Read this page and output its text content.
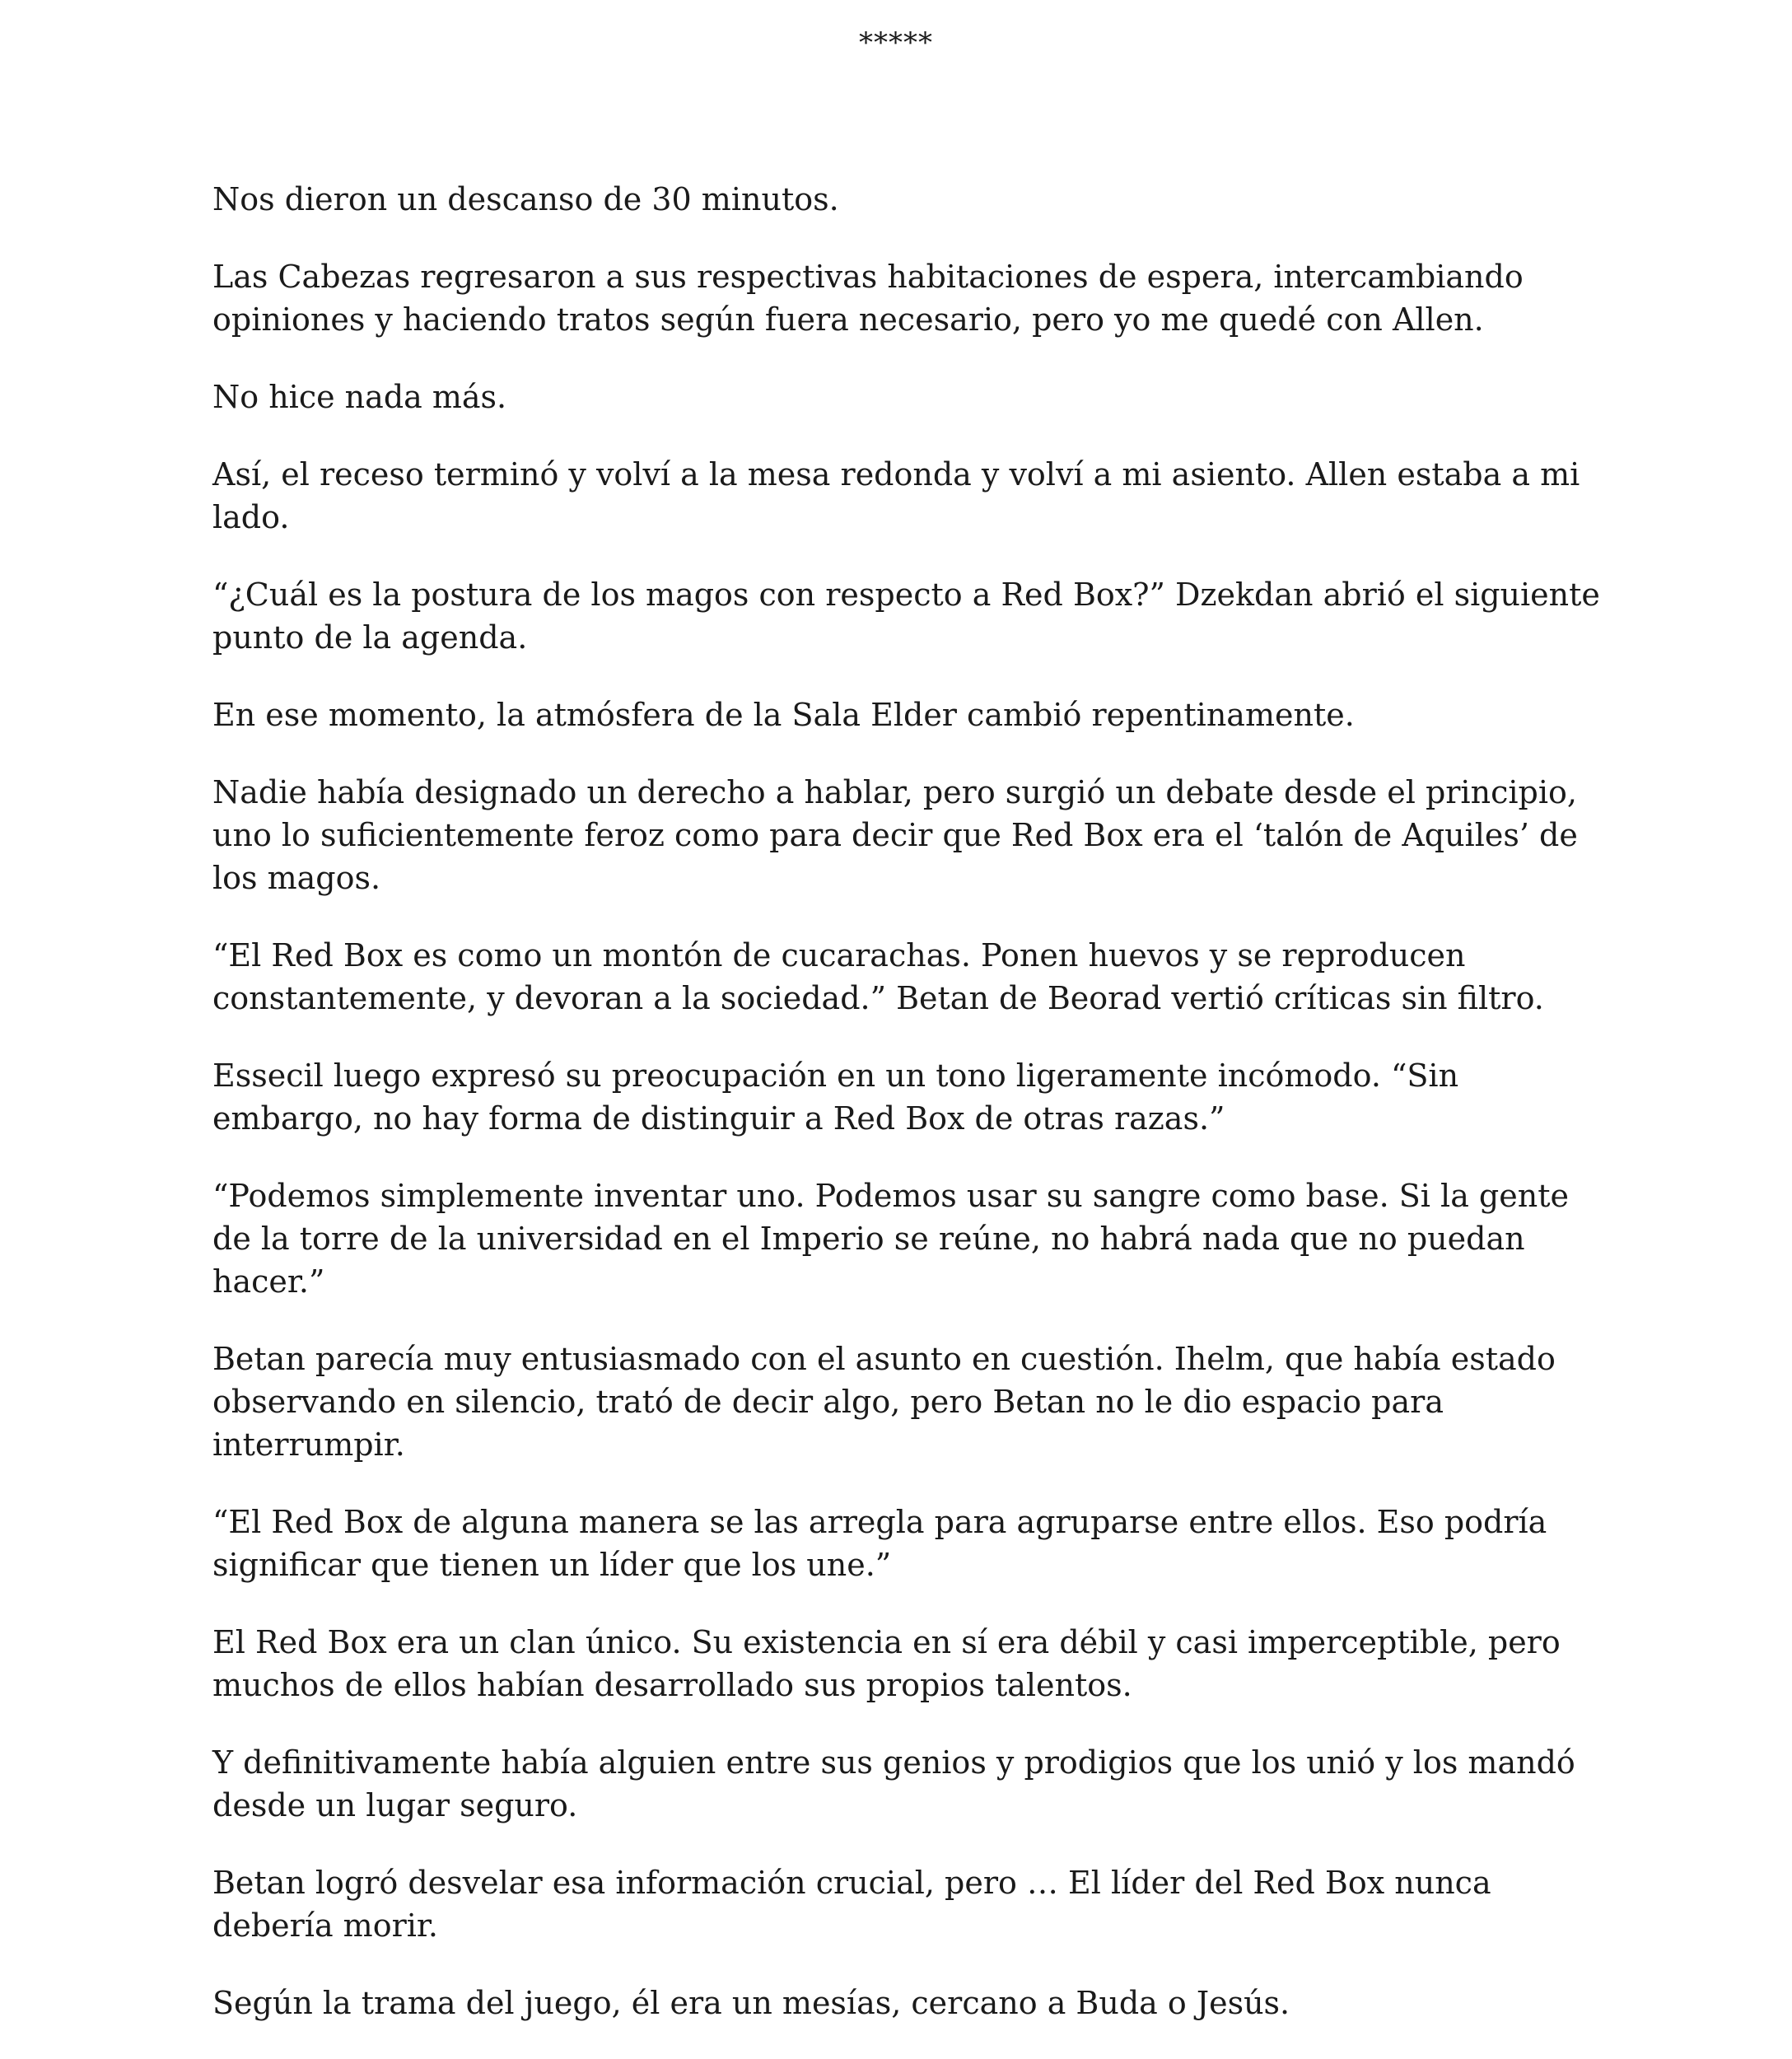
*****

Nos dieron un descanso de 30 minutos.

Las Cabezas regresaron a sus respectivas habitaciones de espera, intercambiando opiniones y haciendo tratos según fuera necesario, pero yo me quedé con Allen.

No hice nada más.

Así, el receso terminó y volví a la mesa redonda y volví a mi asiento. Allen estaba a mi lado.

“¿Cuál es la postura de los magos con respecto a Red Box?” Dzekdan abrió el siguiente punto de la agenda.

En ese momento, la atmósfera de la Sala Elder cambió repentinamente.

Nadie había designado un derecho a hablar, pero surgió un debate desde el principio, uno lo suficientemente feroz como para decir que Red Box era el ‘talón de Aquiles’ de los magos.

“El Red Box es como un montón de cucarachas. Ponen huevos y se reproducen constantemente, y devoran a la sociedad.” Betan de Beorad vertió críticas sin filtro.

Essecil luego expresó su preocupación en un tono ligeramente incómodo. “Sin embargo, no hay forma de distinguir a Red Box de otras razas.”

“Podemos simplemente inventar uno. Podemos usar su sangre como base. Si la gente de la torre de la universidad en el Imperio se reúne, no habrá nada que no puedan hacer.”

Betan parecía muy entusiasmado con el asunto en cuestión. Ihelm, que había estado observando en silencio, trató de decir algo, pero Betan no le dio espacio para interrumpir.

“El Red Box de alguna manera se las arregla para agruparse entre ellos. Eso podría significar que tienen un líder que los une.”

El Red Box era un clan único. Su existencia en sí era débil y casi imperceptible, pero muchos de ellos habían desarrollado sus propios talentos.

Y definitivamente había alguien entre sus genios y prodigios que los unió y los mandó desde un lugar seguro.

Betan logró desvelar esa información crucial, pero … El líder del Red Box nunca debería morir.

Según la trama del juego, él era un mesías, cercano a Buda o Jesús.
